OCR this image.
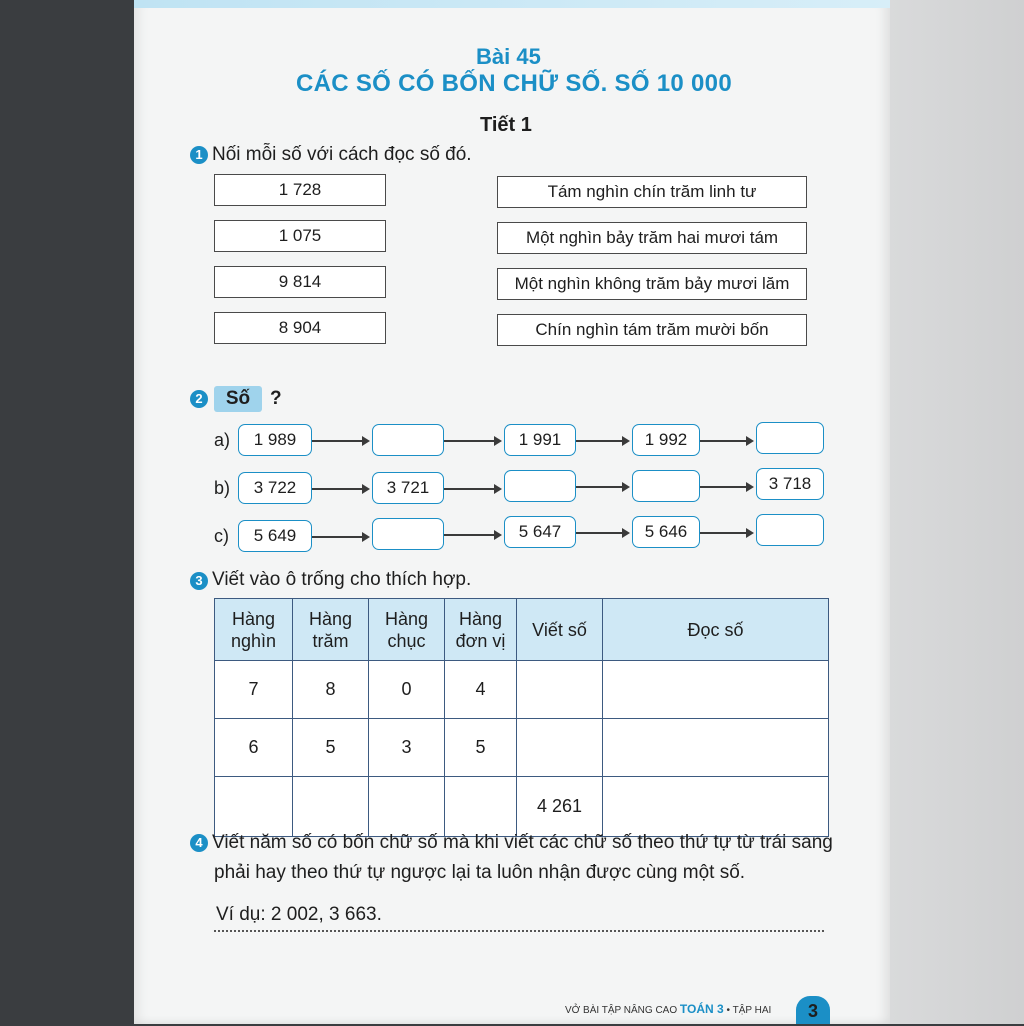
Bài 45
CÁC SỐ CÓ BỐN CHỮ SỐ. SỐ 10 000
Tiết 1
1 Nối mỗi số với cách đọc số đó.
1 728
1 075
9 814
8 904
Tám nghìn chín trăm linh tư
Một nghìn bảy trăm hai mươi tám
Một nghìn không trăm bảy mươi lăm
Chín nghìn tám trăm mười bốn
2	Số	?
a)	1 989	1 991	1 992
b)	3 722	3 721	3 718
c)	5 649	5 647	5 646
3 Viết vào ô trống cho thích hợp.
Hàng nghìn	Hàng trăm	Hàng chục	Hàng đơn vị	Viết số	Đọc số
7	8	0	4		
6	5	3	5		
				4 261	
4 Viết năm số có bốn chữ số mà khi viết các chữ số theo thứ tự từ trái sang
phải hay theo thứ tự ngược lại ta luôn nhận được cùng một số.
Ví dụ: 2 002, 3 663.
VỞ BÀI TẬP NÂNG CAO TOÁN 3 • TẬP HAI	3
